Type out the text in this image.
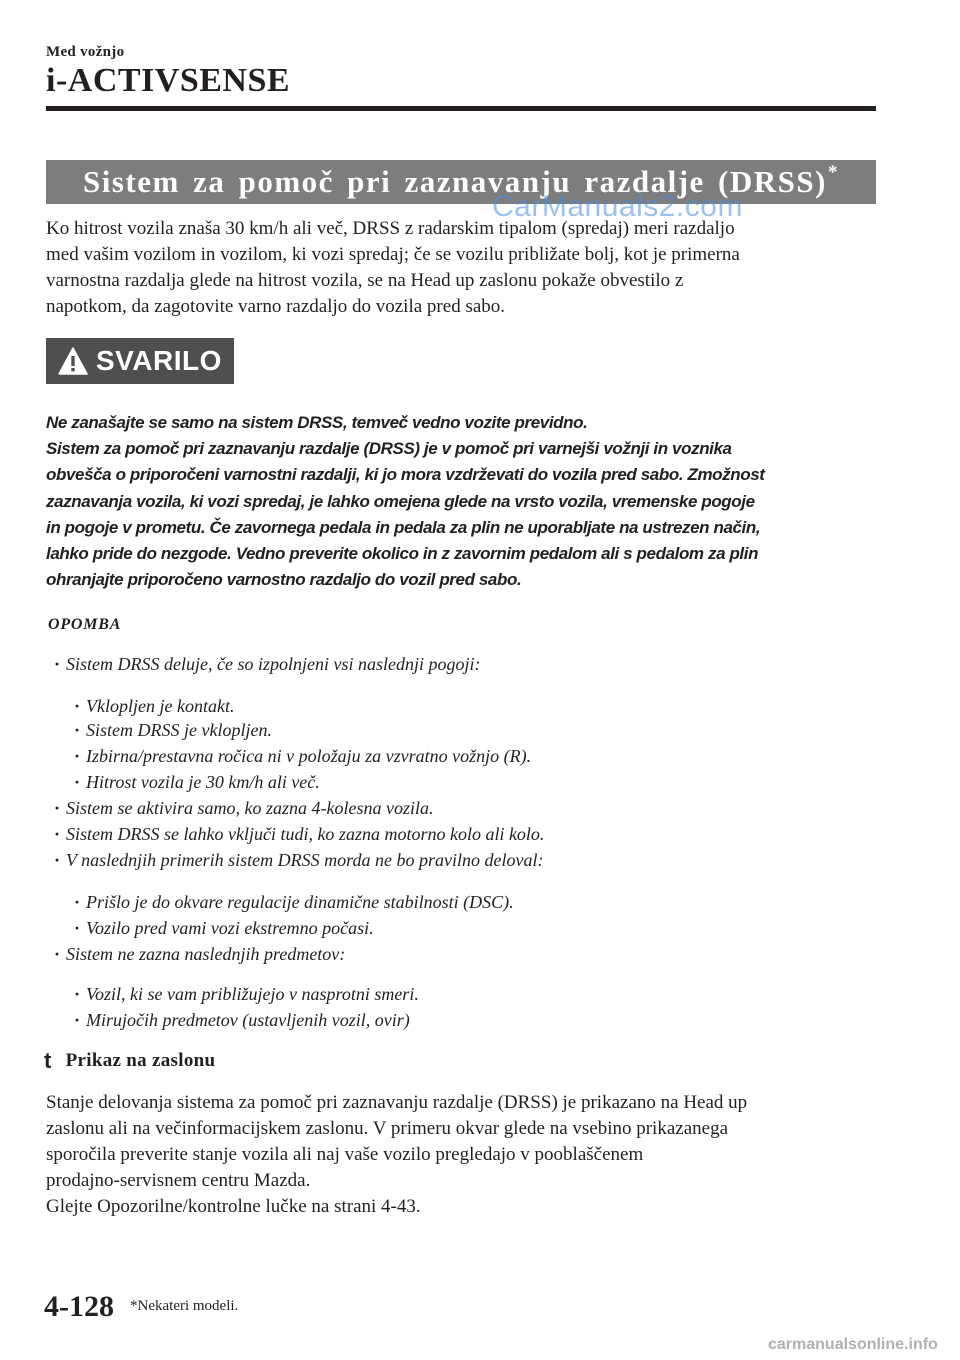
Med vožnjo
i-ACTIVSENSE
Sistem za pomoč pri zaznavanju razdalje (DRSS)*
CarManuals2.com
Ko hitrost vozila znaša 30 km/h ali več, DRSS z radarskim tipalom (spredaj) meri razdaljo
med vašim vozilom in vozilom, ki vozi spredaj; če se vozilu približate bolj, kot je primerna
varnostna razdalja glede na hitrost vozila, se na Head up zaslonu pokaže obvestilo z
napotkom, da zagotovite varno razdaljo do vozila pred sabo.
SVARILO
Ne zanašajte se samo na sistem DRSS, temveč vedno vozite previdno.
Sistem za pomoč pri zaznavanju razdalje (DRSS) je v pomoč pri varnejši vožnji in voznika
obvešča o priporočeni varnostni razdalji, ki jo mora vzdrževati do vozila pred sabo. Zmožnost
zaznavanja vozila, ki vozi spredaj, je lahko omejena glede na vrsto vozila, vremenske pogoje
in pogoje v prometu. Če zavornega pedala in pedala za plin ne uporabljate na ustrezen način,
lahko pride do nezgode. Vedno preverite okolico in z zavornim pedalom ali s pedalom za plin
ohranjajte priporočeno varnostno razdaljo do vozil pred sabo.
OPOMBA
· Sistem DRSS deluje, če so izpolnjeni vsi naslednji pogoji:
· Vklopljen je kontakt.
· Sistem DRSS je vklopljen.
· Izbirna/prestavna ročica ni v položaju za vzvratno vožnjo (R).
· Hitrost vozila je 30 km/h ali več.
· Sistem se aktivira samo, ko zazna 4-kolesna vozila.
· Sistem DRSS se lahko vključi tudi, ko zazna motorno kolo ali kolo.
· V naslednjih primerih sistem DRSS morda ne bo pravilno deloval:
· Prišlo je do okvare regulacije dinamične stabilnosti (DSC).
· Vozilo pred vami vozi ekstremno počasi.
· Sistem ne zazna naslednjih predmetov:
· Vozil, ki se vam približujejo v nasprotni smeri.
· Mirujočih predmetov (ustavljenih vozil, ovir)
t Prikaz na zaslonu
Stanje delovanja sistema za pomoč pri zaznavanju razdalje (DRSS) je prikazano na Head up
zaslonu ali na večinformacijskem zaslonu. V primeru okvar glede na vsebino prikazanega
sporočila preverite stanje vozila ali naj vaše vozilo pregledajo v pooblaščenem
prodajno-servisnem centru Mazda.
Glejte Opozorilne/kontrolne lučke na strani 4-43.
4-128 *Nekateri modeli.
carmanualsonline.info
